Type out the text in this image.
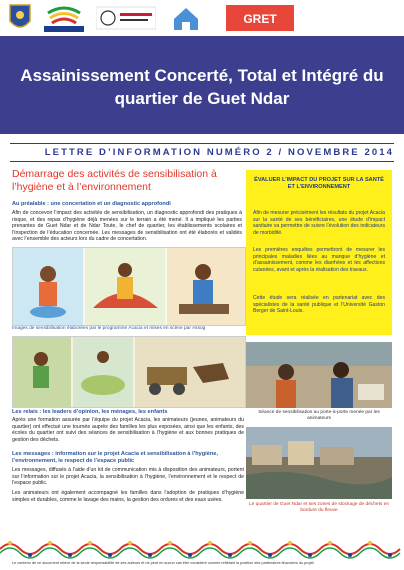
GRET
Assainissement Concerté, Total et Intégré du
quartier de Guet Ndar
LETTRE D’INFORMATION NUMÉRO 2 / NOVEMBRE 2014
Démarrage des activités de sensibilisation à l’hygiène et à l’environnement
Au préalable : une concertation et un diagnostic approfondi
Afin de concevoir l’impact des activités de sensibilisation, un diagnostic approfondi des pratiques à risque, et des repas d’hygiène déjà menées sur le terrain a été mené. Il a impliqué les parties prenantes de Guet Ndar et de Ndar Toute, le chef de quartier, les établissements scolaires et l’inspection de l’éducation concernée. Les messages de sensibilisation ont été élaborés et validés avec l’ensemble des acteurs lors du cadre de concertation.
Images de sensibilisation élaborées par le programme Acacia et mises en scène par Assog
Les relais : les leaders d’opinion, les ménages, les enfants
Après une formation assurée par l’équipe du projet Acacia, les animateurs (jeunes, animateurs du quartier) ont effectué une tournée auprès des familles les plus exposées, ainsi que les enfants, des écoles du quartier ont suivi des séances de sensibilisation à l’hygiène et aux bonnes pratiques de gestion des déchets.
Les messages : information sur le projet Acacia et sensibilisation à l’hygiène, l’environnement, le respect de l’espace public
Les messages, diffusés à l’aide d’un kit de communication mis à disposition des animateurs, portent sur l’information sur le projet Acacia, la sensibilisation à l’hygiène, l’environnement et le respect de l’espace public.
Les animateurs ont également accompagné les familles dans l’adoption de pratiques d’hygiène simples et durables, comme le lavage des mains, la gestion des ordures et des eaux usées.
ÉVALUER L’IMPACT DU PROJET SUR LA SANTÉ ET L’ENVIRONNEMENT
Afin de mesurer précisément les résultats du projet Acacia sur la santé de ses bénéficiaires, une étude d’impact sanitaire va permettre de suivre l’évolution des indicateurs de morbidité.
Les premières enquêtes permettront de mesurer les principales maladies liées au manque d’hygiène et d’assainissement, comme les diarrhées et les affections cutanées, avant et après la réalisation des travaux.
Cette étude sera réalisée en partenariat avec des spécialistes de la santé publique et l’Université Gaston Berger de Saint-Louis.
Séance de sensibilisation au porte-à-porte menée par les animateurs
Le quartier de Guet Ndar et ses zones de stockage de déchets en bordure du fleuve
Le contenu de ce document relève de la seule responsabilité de ses auteurs et ne peut en aucun cas être considéré comme reflétant la position des partenaires financiers du projet.
